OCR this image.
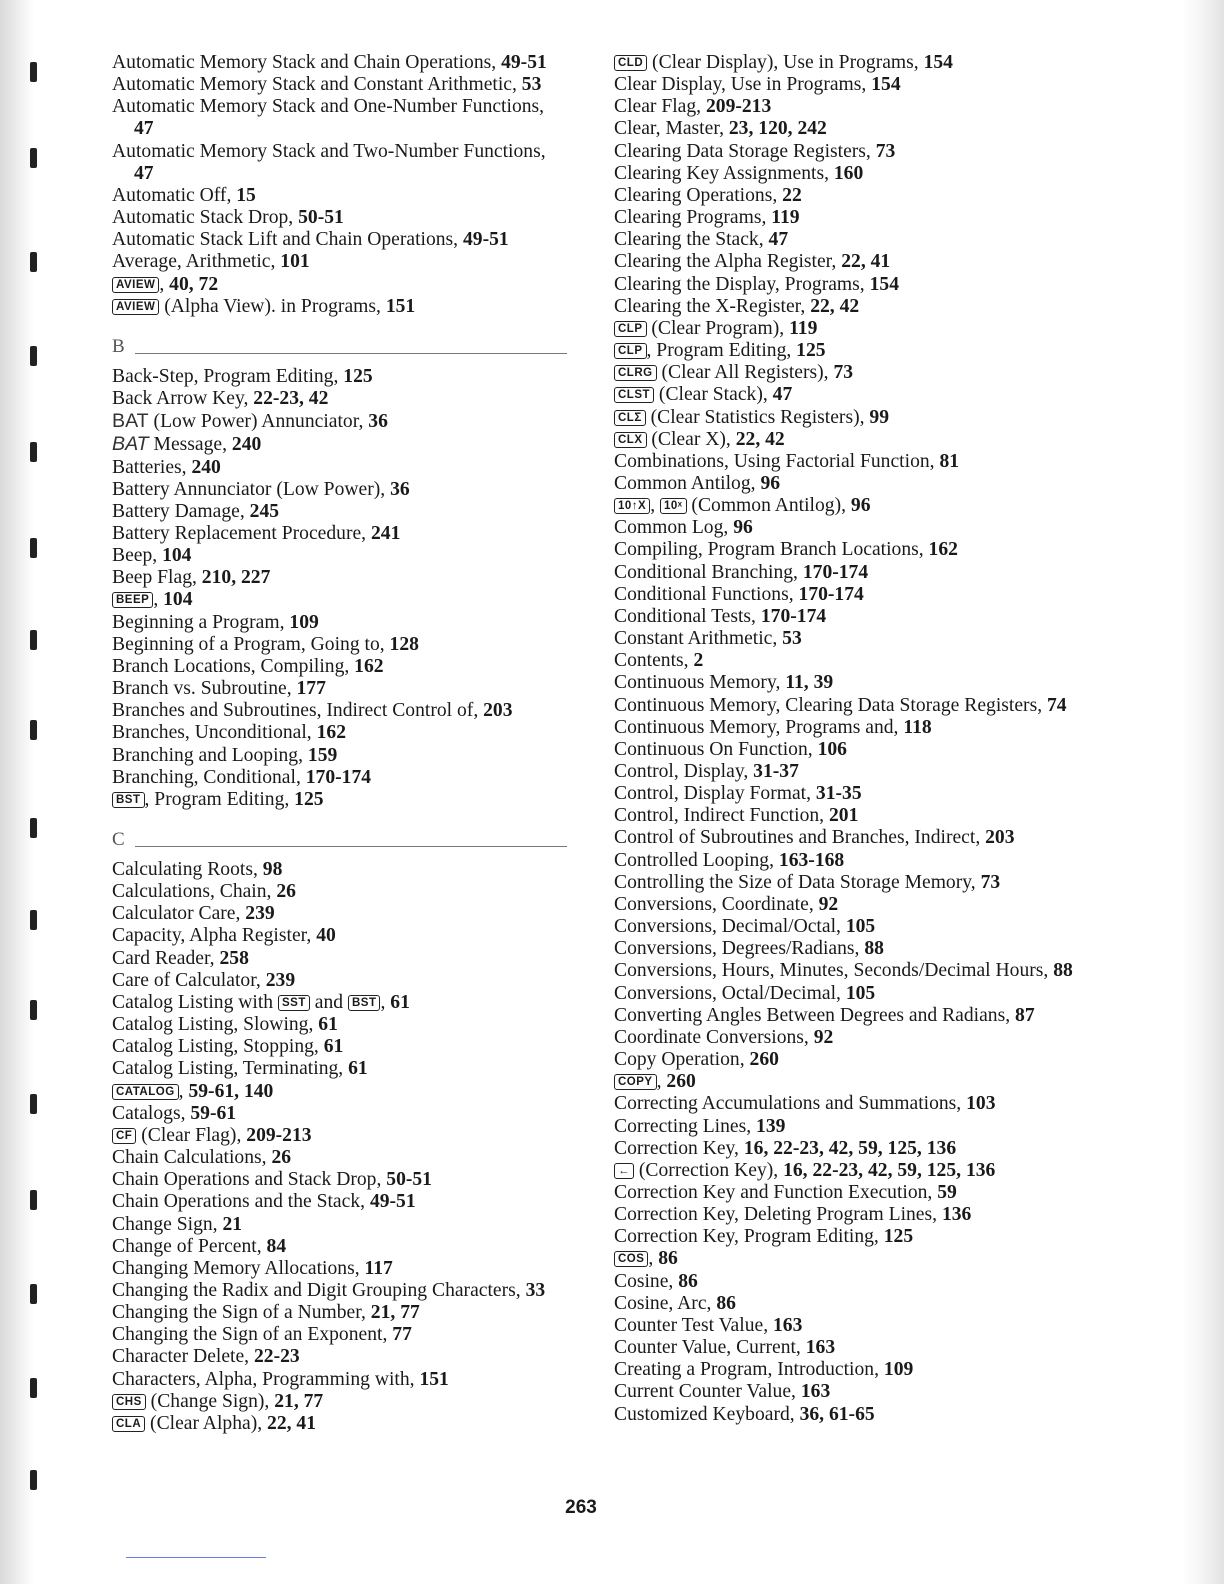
Automatic Memory Stack and Chain Operations, 49-51
Automatic Memory Stack and Constant Arithmetic, 53
Automatic Memory Stack and One-Number Functions, 47
Automatic Memory Stack and Two-Number Functions, 47
Automatic Off, 15
Automatic Stack Drop, 50-51
Automatic Stack Lift and Chain Operations, 49-51
Average, Arithmetic, 101
AVIEW , 40, 72
AVIEW (Alpha View). in Programs, 151
B
Back-Step, Program Editing, 125
Back Arrow Key, 22-23, 42
BAT (Low Power) Annunciator, 36
BAT Message, 240
Batteries, 240
Battery Annunciator (Low Power), 36
Battery Damage, 245
Battery Replacement Procedure, 241
Beep, 104
Beep Flag, 210, 227
BEEP , 104
Beginning a Program, 109
Beginning of a Program, Going to, 128
Branch Locations, Compiling, 162
Branch vs. Subroutine, 177
Branches and Subroutines, Indirect Control of, 203
Branches, Unconditional, 162
Branching and Looping, 159
Branching, Conditional, 170-174
BST , Program Editing, 125
C
Calculating Roots, 98
Calculations, Chain, 26
Calculator Care, 239
Capacity, Alpha Register, 40
Card Reader, 258
Care of Calculator, 239
Catalog Listing with SST and BST , 61
Catalog Listing, Slowing, 61
Catalog Listing, Stopping, 61
Catalog Listing, Terminating, 61
CATALOG , 59-61, 140
Catalogs, 59-61
CF (Clear Flag), 209-213
Chain Calculations, 26
Chain Operations and Stack Drop, 50-51
Chain Operations and the Stack, 49-51
Change Sign, 21
Change of Percent, 84
Changing Memory Allocations, 117
Changing the Radix and Digit Grouping Characters, 33
Changing the Sign of a Number, 21, 77
Changing the Sign of an Exponent, 77
Character Delete, 22-23
Characters, Alpha, Programming with, 151
CHS (Change Sign), 21, 77
CLA (Clear Alpha), 22, 41
CLD (Clear Display), Use in Programs, 154
Clear Display, Use in Programs, 154
Clear Flag, 209-213
Clear, Master, 23, 120, 242
Clearing Data Storage Registers, 73
Clearing Key Assignments, 160
Clearing Operations, 22
Clearing Programs, 119
Clearing the Stack, 47
Clearing the Alpha Register, 22, 41
Clearing the Display, Programs, 154
Clearing the X-Register, 22, 42
CLP (Clear Program), 119
CLP , Program Editing, 125
CLRG (Clear All Registers), 73
CLST (Clear Stack), 47
CLΣ (Clear Statistics Registers), 99
CLX (Clear X), 22, 42
Combinations, Using Factorial Function, 81
Common Antilog, 96
10↑X , 10ˣ (Common Antilog), 96
Common Log, 96
Compiling, Program Branch Locations, 162
Conditional Branching, 170-174
Conditional Functions, 170-174
Conditional Tests, 170-174
Constant Arithmetic, 53
Contents, 2
Continuous Memory, 11, 39
Continuous Memory, Clearing Data Storage Registers, 74
Continuous Memory, Programs and, 118
Continuous On Function, 106
Control, Display, 31-37
Control, Display Format, 31-35
Control, Indirect Function, 201
Control of Subroutines and Branches, Indirect, 203
Controlled Looping, 163-168
Controlling the Size of Data Storage Memory, 73
Conversions, Coordinate, 92
Conversions, Decimal/Octal, 105
Conversions, Degrees/Radians, 88
Conversions, Hours, Minutes, Seconds/Decimal Hours, 88
Conversions, Octal/Decimal, 105
Converting Angles Between Degrees and Radians, 87
Coordinate Conversions, 92
Copy Operation, 260
COPY , 260
Correcting Accumulations and Summations, 103
Correcting Lines, 139
Correction Key, 16, 22-23, 42, 59, 125, 136
← (Correction Key), 16, 22-23, 42, 59, 125, 136
Correction Key and Function Execution, 59
Correction Key, Deleting Program Lines, 136
Correction Key, Program Editing, 125
COS , 86
Cosine, 86
Cosine, Arc, 86
Counter Test Value, 163
Counter Value, Current, 163
Creating a Program, Introduction, 109
Current Counter Value, 163
Customized Keyboard, 36, 61-65
263
